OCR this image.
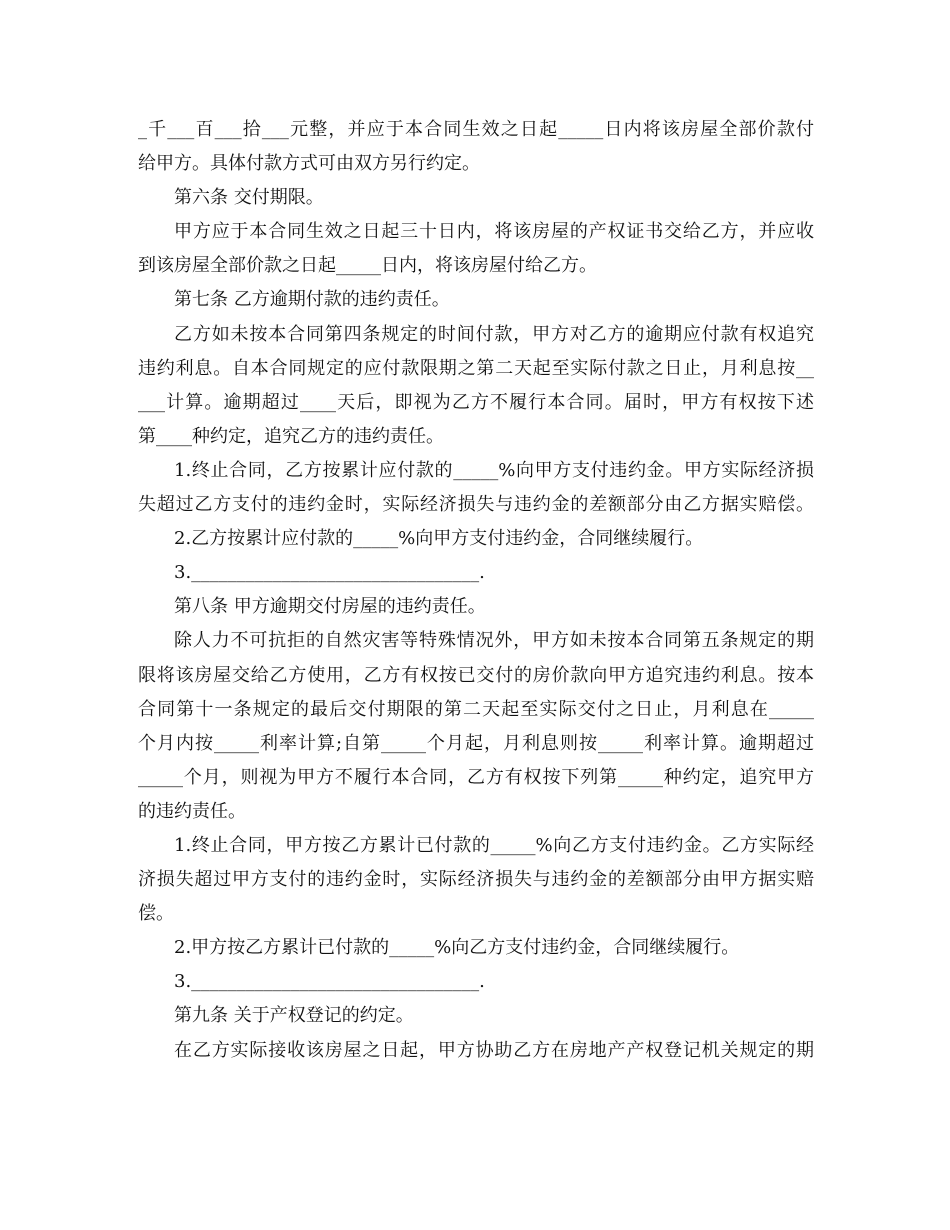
_千___百___拾___元整，并应于本合同生效之日起_____日内将该房屋全部价款付
给甲方。具体付款方式可由双方另行约定。
第六条 交付期限。
甲方应于本合同生效之日起三十日内，将该房屋的产权证书交给乙方，并应收
到该房屋全部价款之日起_____日内，将该房屋付给乙方。
第七条 乙方逾期付款的违约责任。
乙方如未按本合同第四条规定的时间付款，甲方对乙方的逾期应付款有权追究
违约利息。自本合同规定的应付款限期之第二天起至实际付款之日止，月利息按__
___计算。逾期超过____天后，即视为乙方不履行本合同。届时，甲方有权按下述
第____种约定，追究乙方的违约责任。
1.终止合同，乙方按累计应付款的_____%向甲方支付违约金。甲方实际经济损
失超过乙方支付的违约金时，实际经济损失与违约金的差额部分由乙方据实赔偿。
2.乙方按累计应付款的_____%向甲方支付违约金，合同继续履行。
3.________________________________.
第八条 甲方逾期交付房屋的违约责任。
除人力不可抗拒的自然灾害等特殊情况外，甲方如未按本合同第五条规定的期
限将该房屋交给乙方使用，乙方有权按已交付的房价款向甲方追究违约利息。按本
合同第十一条规定的最后交付期限的第二天起至实际交付之日止，月利息在_____
个月内按_____利率计算;自第_____个月起，月利息则按_____利率计算。逾期超过
_____个月，则视为甲方不履行本合同，乙方有权按下列第_____种约定，追究甲方
的违约责任。
1.终止合同，甲方按乙方累计已付款的_____%向乙方支付违约金。乙方实际经
济损失超过甲方支付的违约金时，实际经济损失与违约金的差额部分由甲方据实赔
偿。
2.甲方按乙方累计已付款的_____%向乙方支付违约金，合同继续履行。
3.________________________________.
第九条 关于产权登记的约定。
在乙方实际接收该房屋之日起，甲方协助乙方在房地产产权登记机关规定的期
